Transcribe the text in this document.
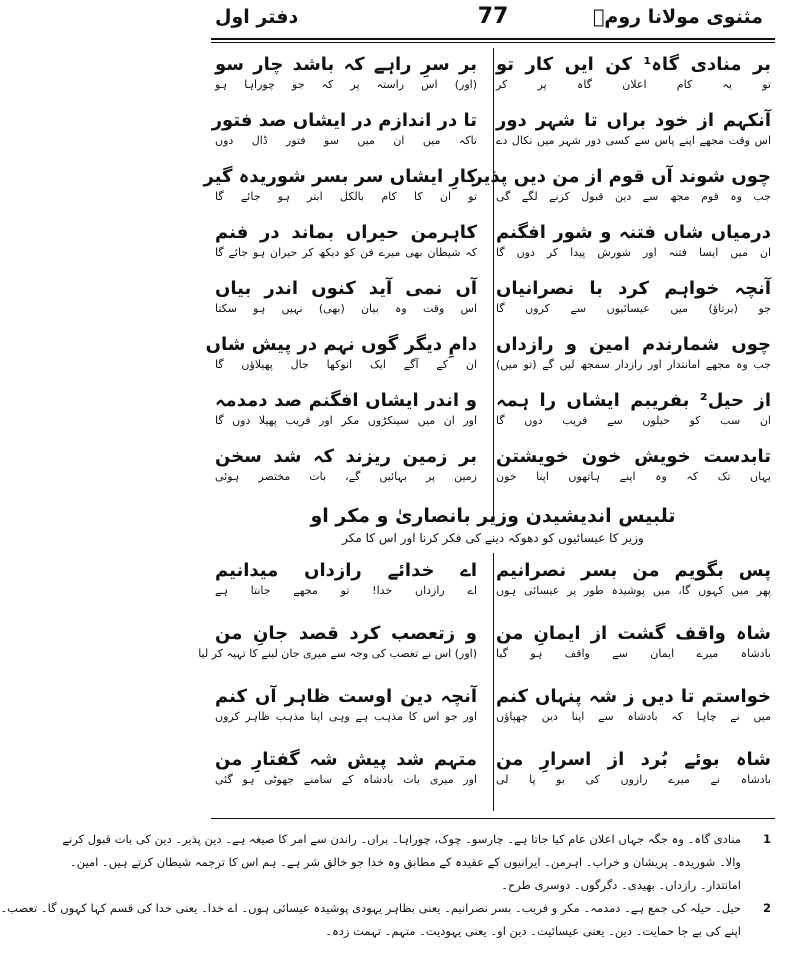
مثنوی مولانا رومؒ
77
دفتر اول
بر منادی گاہ¹ کن ایں کار تو
تو یہ کام اعلان گاہ پر کر
آنکہم از خود براں تا شہر دور
اس وقت مجھے اپنے پاس سے کسی دور شہر میں نکال دے
چوں شوند آں قوم از من دیں پذیر
جب وہ قوم مجھ سے دین قبول کرنے لگے گی
درمیاں شاں فتنہ و شور افگنم
ان میں ایسا فتنہ اور شورش پیدا کر دوں گا
آنچہ خواہم کرد با نصرانیاں
جو (برتاؤ) میں عیسائیوں سے کروں گا
چوں شمارندم امین و رازداں
جب وہ مجھے امانتدار اور رازدار سمجھ لیں گے (تو میں)
از حیل² بفریبم ایشاں را ہمہ
ان سب کو حیلوں سے فریب دوں گا
تابدست خویش خون خویشتن
یہاں تک کہ وہ اپنے ہاتھوں اپنا خون
بر سرِ راہے کہ باشد چار سو
(اور) اس راستہ پر کہ جو چوراہا ہو
تا در اندازم در ایشاں صد فتور
تاکہ میں ان میں سو فتور ڈال دوں
کارِ ایشاں سر بسر شوریدہ گیر
تو ان کا کام بالکل ابتر ہو جائے گا
کاہرمن حیراں بماند در فنم
کہ شیطان بھی میرے فن کو دیکھ کر حیران ہو جائے گا
آں نمی آید کنوں اندر بیاں
اس وقت وہ بیان (بھی) نہیں ہو سکتا
دامِ دیگر گوں نہم در پیش شاں
ان کے آگے ایک انوکھا جال پھیلاؤں گا
و اندر ایشاں افگنم صد دمدمہ
اور ان میں سینکڑوں مکر اور فریب پھیلا دوں گا
بر زمین ریزند کہ شد سخن
زمین پر بہائیں گے، بات مختصر ہوئی
تلبیس اندیشیدن وزیر بانصاریٰ و مکر او
وزیر کا عیسائیوں کو دھوکہ دینے کی فکر کرنا اور اس کا مکر
پس بگویم من بسر نصرانیم
پھر میں کہوں گا، میں پوشیدہ طور پر عیسائی ہوں
شاہ واقف گشت از ایمانِ من
بادشاہ میرے ایمان سے واقف ہو گیا
خواستم تا دیں ز شہ پنہاں کنم
میں نے چاہا کہ بادشاہ سے اپنا دین چھپاؤں
شاہ بوئے بُرد از اسرارِ من
بادشاہ نے میرے رازوں کی بو پا لی
اے خدائے رازداں میدانیم
اے رازداں خدا! تو مجھے جانتا ہے
و زتعصب کرد قصد جانِ من
(اور) اس نے تعصب کی وجہ سے میری جان لینے کا تہیہ کر لیا
آنچہ دین اوست ظاہر آں کنم
اور جو اس کا مذہب ہے وہی اپنا مذہب ظاہر کروں
متہم شد پیش شہ گفتارِ من
اور میری بات بادشاہ کے سامنے جھوٹی ہو گئی
1
منادی گاہ۔ وہ جگہ جہاں اعلان عام کیا جاتا ہے۔ چارسو۔ چوک، چوراہا۔ براں۔ راندن سے امر کا صیغہ ہے۔ دین پذیر۔ دین کی بات قبول کرنے
والا۔ شوریدہ۔ پریشان و خراب۔ اہرمن۔ ایرانیوں کے عقیدہ کے مطابق وہ خدا جو خالق شر ہے۔ ہم اس کا ترجمہ شیطان کرتے ہیں۔ امین۔
امانتدار۔ رازداں۔ بھیدی۔ دگرگوں۔ دوسری طرح۔
2
حیل۔ حیلہ کی جمع ہے۔ دمدمہ۔ مکر و فریب۔ بسر نصرانیم۔ یعنی بظاہر یہودی پوشیدہ عیسائی ہوں۔ اے خدا۔ یعنی خدا کی قسم کہا کہوں گا۔ تعصب۔
اپنے کی بے جا حمایت۔ دین۔ یعنی عیسائیت۔ دین او۔ یعنی یہودیت۔ متہم۔ تہمت زدہ۔
